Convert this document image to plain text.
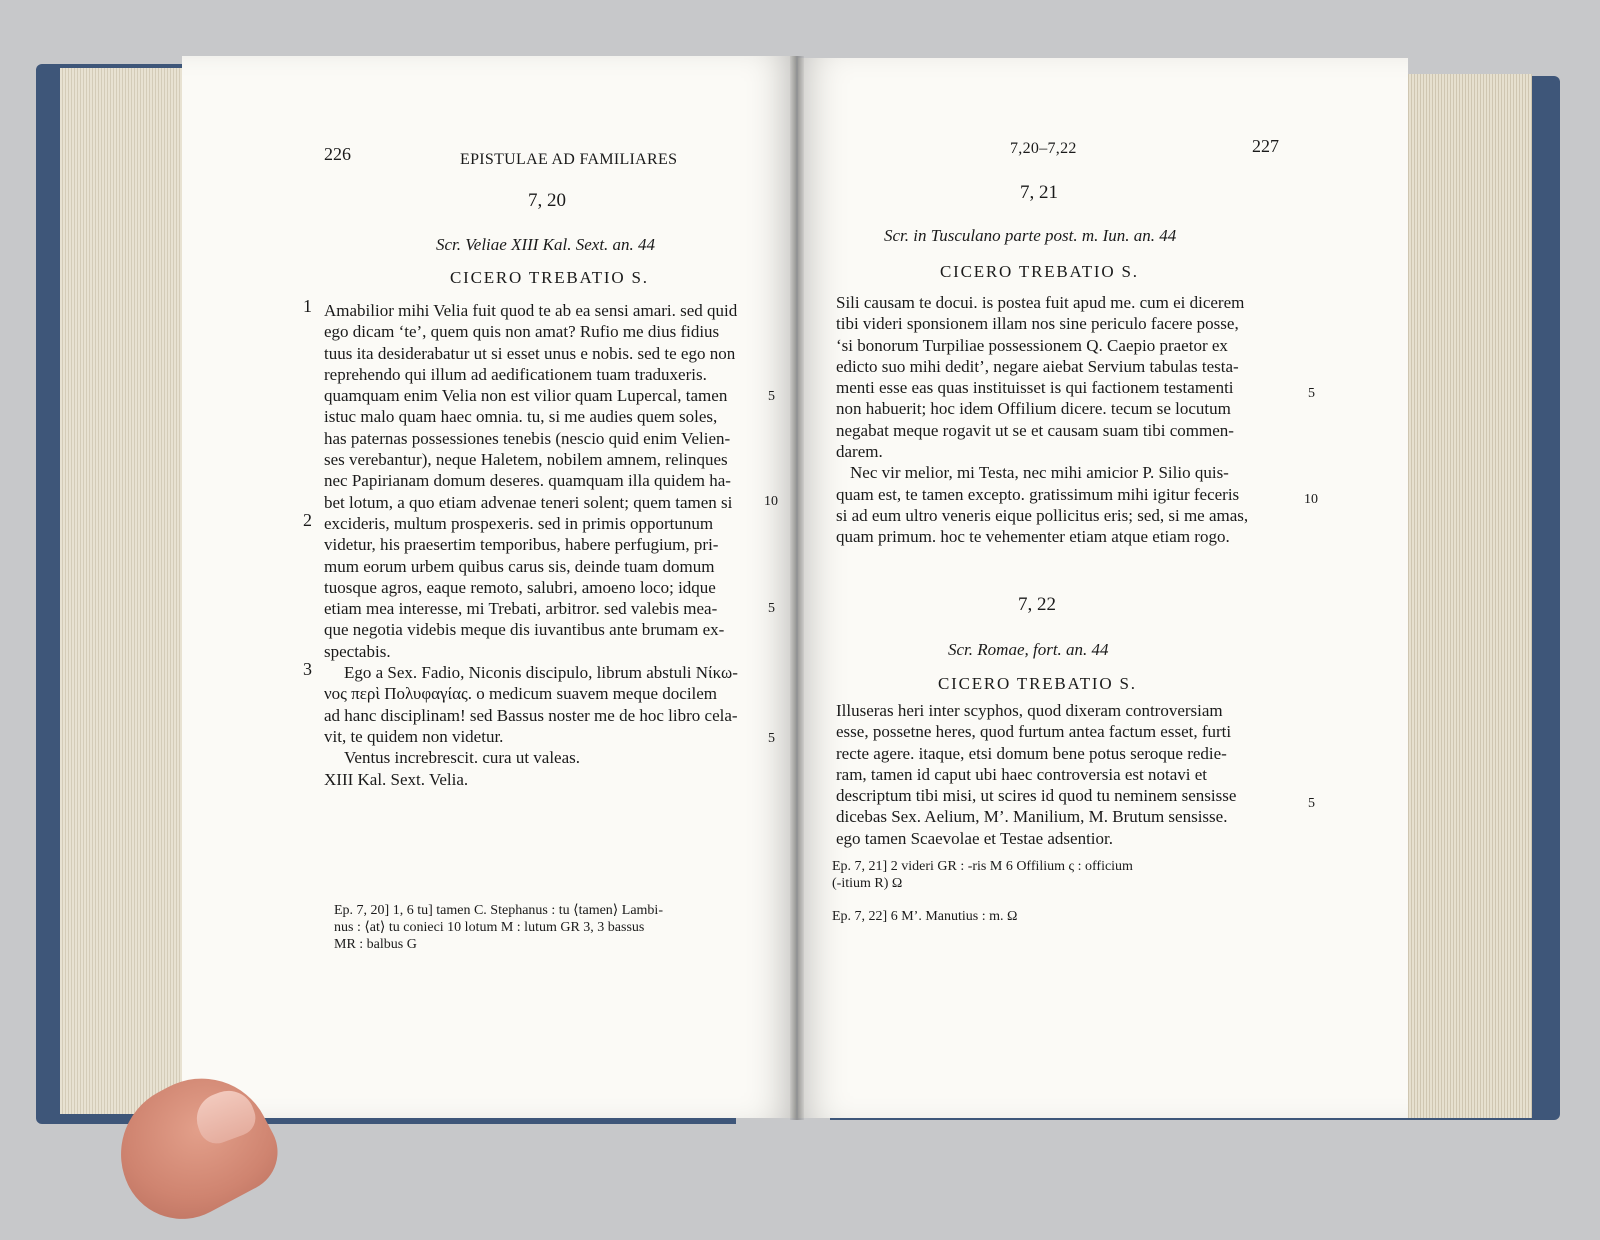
226	EPISTULAE AD FAMILIARES
7, 20
Scr. Veliae XIII Kal. Sext. an. 44
CICERO TREBATIO S.
1
2
3
5
10
5
5
Amabilior mihi Velia fuit quod te ab ea sensi amari. sed quid
ego dicam ‘te’, quem quis non amat? Rufio me dius fidius
tuus ita desiderabatur ut si esset unus e nobis. sed te ego non
reprehendo qui illum ad aedificationem tuam traduxeris.
quamquam enim Velia non est vilior quam Lupercal, tamen
istuc malo quam haec omnia. tu, si me audies quem soles,
has paternas possessiones tenebis (nescio quid enim Velien-
ses verebantur), neque Haletem, nobilem amnem, relinques
nec Papirianam domum deseres. quamquam illa quidem ha-
bet lotum, a quo etiam advenae teneri solent; quem tamen si
excideris, multum prospexeris. sed in primis opportunum
videtur, his praesertim temporibus, habere perfugium, pri-
mum eorum urbem quibus carus sis, deinde tuam domum
tuosque agros, eaque remoto, salubri, amoeno loco; idque
etiam mea interesse, mi Trebati, arbitror. sed valebis mea-
que negotia videbis meque dis iuvantibus ante brumam ex-
spectabis.
Ego a Sex. Fadio, Niconis discipulo, librum abstuli Νίκω-
νος περὶ Πολυφαγίας. o medicum suavem meque docilem
ad hanc disciplinam! sed Bassus noster me de hoc libro cela-
vit, te quidem non videtur.
Ventus increbrescit. cura ut valeas.
XIII Kal. Sext. Velia.
Ep. 7, 20] 1, 6 tu] tamen C. Stephanus : tu ⟨tamen⟩ Lambi-
nus : ⟨at⟩ tu conieci 10 lotum M : lutum GR 3, 3 bassus
MR : balbus G
7,20–7,22	227
7, 21
Scr. in Tusculano parte post. m. Iun. an. 44
CICERO TREBATIO S.
5
10
Sili causam te docui. is postea fuit apud me. cum ei dicerem
tibi videri sponsionem illam nos sine periculo facere posse,
‘si bonorum Turpiliae possessionem Q. Caepio praetor ex
edicto suo mihi dedit’, negare aiebat Servium tabulas testa-
menti esse eas quas instituisset is qui factionem testamenti
non habuerit; hoc idem Offilium dicere. tecum se locutum
negabat meque rogavit ut se et causam suam tibi commen-
darem.
Nec vir melior, mi Testa, nec mihi amicior P. Silio quis-
quam est, te tamen excepto. gratissimum mihi igitur feceris
si ad eum ultro veneris eique pollicitus eris; sed, si me amas,
quam primum. hoc te vehementer etiam atque etiam rogo.
7, 22
Scr. Romae, fort. an. 44
CICERO TREBATIO S.
5
Illuseras heri inter scyphos, quod dixeram controversiam
esse, possetne heres, quod furtum antea factum esset, furti
recte agere. itaque, etsi domum bene potus seroque redie-
ram, tamen id caput ubi haec controversia est notavi et
descriptum tibi misi, ut scires id quod tu neminem sensisse
dicebas Sex. Aelium, M’. Manilium, M. Brutum sensisse.
ego tamen Scaevolae et Testae adsentior.
Ep. 7, 21] 2 videri GR : -ris M 6 Offilium ς : officium
(-itium R) Ω
Ep. 7, 22] 6 M’. Manutius : m. Ω
